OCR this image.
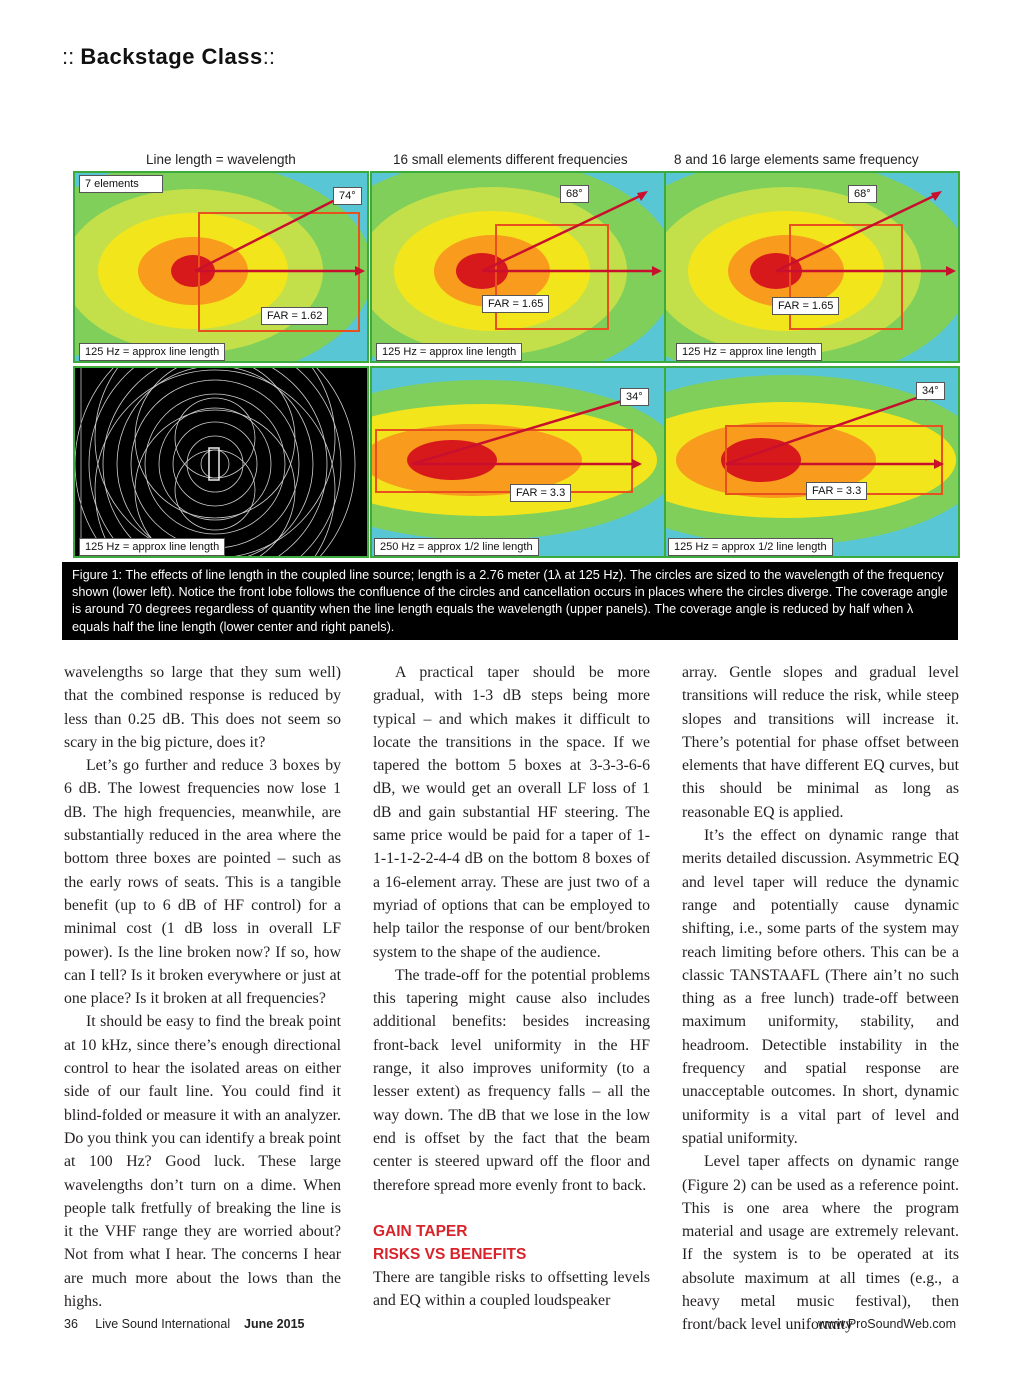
:: Backstage Class::
Line length = wavelength	16 small elements different frequencies	8 and 16 large elements same frequency
7 elements
74°
FAR = 1.62
125 Hz = approx line length
68°
FAR = 1.65
125 Hz = approx line length
68°
FAR = 1.65
125 Hz = approx line length
125 Hz = approx line length
34°
FAR = 3.3
250 Hz = approx 1/2 line length
34°
FAR = 3.3
125 Hz = approx 1/2 line length
Figure 1: The effects of line length in the coupled line source; length is a 2.76 meter (1λ at 125 Hz). The circles are sized to the wavelength of the frequency shown (lower left). Notice the front lobe follows the confluence of the circles and cancellation occurs in places where the circles diverge. The coverage angle is around 70 degrees regardless of quantity when the line length equals the wavelength (upper panels). The coverage angle is reduced by half when λ equals half the line length (lower center and right panels).

wavelengths so large that they sum well) that the combined response is reduced by less than 0.25 dB. This does not seem so scary in the big picture, does it?

Let’s go further and reduce 3 boxes by 6 dB. The lowest frequencies now lose 1 dB. The high frequencies, meanwhile, are substantially reduced in the area where the bottom three boxes are pointed – such as the early rows of seats. This is a tangible benefit (up to 6 dB of HF control) for a minimal cost (1 dB loss in overall LF power). Is the line broken now? If so, how can I tell? Is it broken everywhere or just at one place? Is it broken at all frequencies?

It should be easy to find the break point at 10 kHz, since there’s enough directional control to hear the isolated areas on either side of our fault line. You could find it blind-folded or measure it with an analyzer. Do you think you can identify a break point at 100 Hz? Good luck. These large wavelengths don’t turn on a dime. When people talk fretfully of breaking the line is it the VHF range they are worried about? Not from what I hear. The concerns I hear are much more about the lows than the highs.

A practical taper should be more gradual, with 1-3 dB steps being more typical – and which makes it difficult to locate the transitions in the space. If we tapered the bottom 5 boxes at 3-3-3-6-6 dB, we would get an overall LF loss of 1 dB and gain substantial HF steering. The same price would be paid for a taper of 1-1-1-1-2-2-4-4 dB on the bottom 8 boxes of a 16-element array. These are just two of a myriad of options that can be employed to help tailor the response of our bent/broken system to the shape of the audience.

The trade-off for the potential problems this tapering might cause also includes additional benefits: besides increasing front-back level uniformity in the HF range, it also improves uniformity (to a lesser extent) as frequency falls – all the way down. The dB that we lose in the low end is offset by the fact that the beam center is steered upward off the floor and therefore spread more evenly front to back.

GAIN TAPER
RISKS VS BENEFITS

There are tangible risks to offsetting levels and EQ within a coupled loudspeaker

array. Gentle slopes and gradual level transitions will reduce the risk, while steep slopes and transitions will increase it. There’s potential for phase offset between elements that have different EQ curves, but this should be minimal as long as reasonable EQ is applied.

It’s the effect on dynamic range that merits detailed discussion. Asymmetric EQ and level taper will reduce the dynamic range and potentially cause dynamic shifting, i.e., some parts of the system may reach limiting before others. This can be a classic TANSTAAFL (There ain’t no such thing as a free lunch) trade-off between maximum uniformity, stability, and headroom. Detectible instability in the frequency and spatial response are unacceptable outcomes. In short, dynamic uniformity is a vital part of level and spatial uniformity.

Level taper affects on dynamic range (Figure 2) can be used as a reference point. This is one area where the program material and usage are extremely relevant. If the system is to be operated at its absolute maximum at all times (e.g., a heavy metal music festival), then front/back level uniformity

36 Live Sound International June 2015	www.ProSoundWeb.com
